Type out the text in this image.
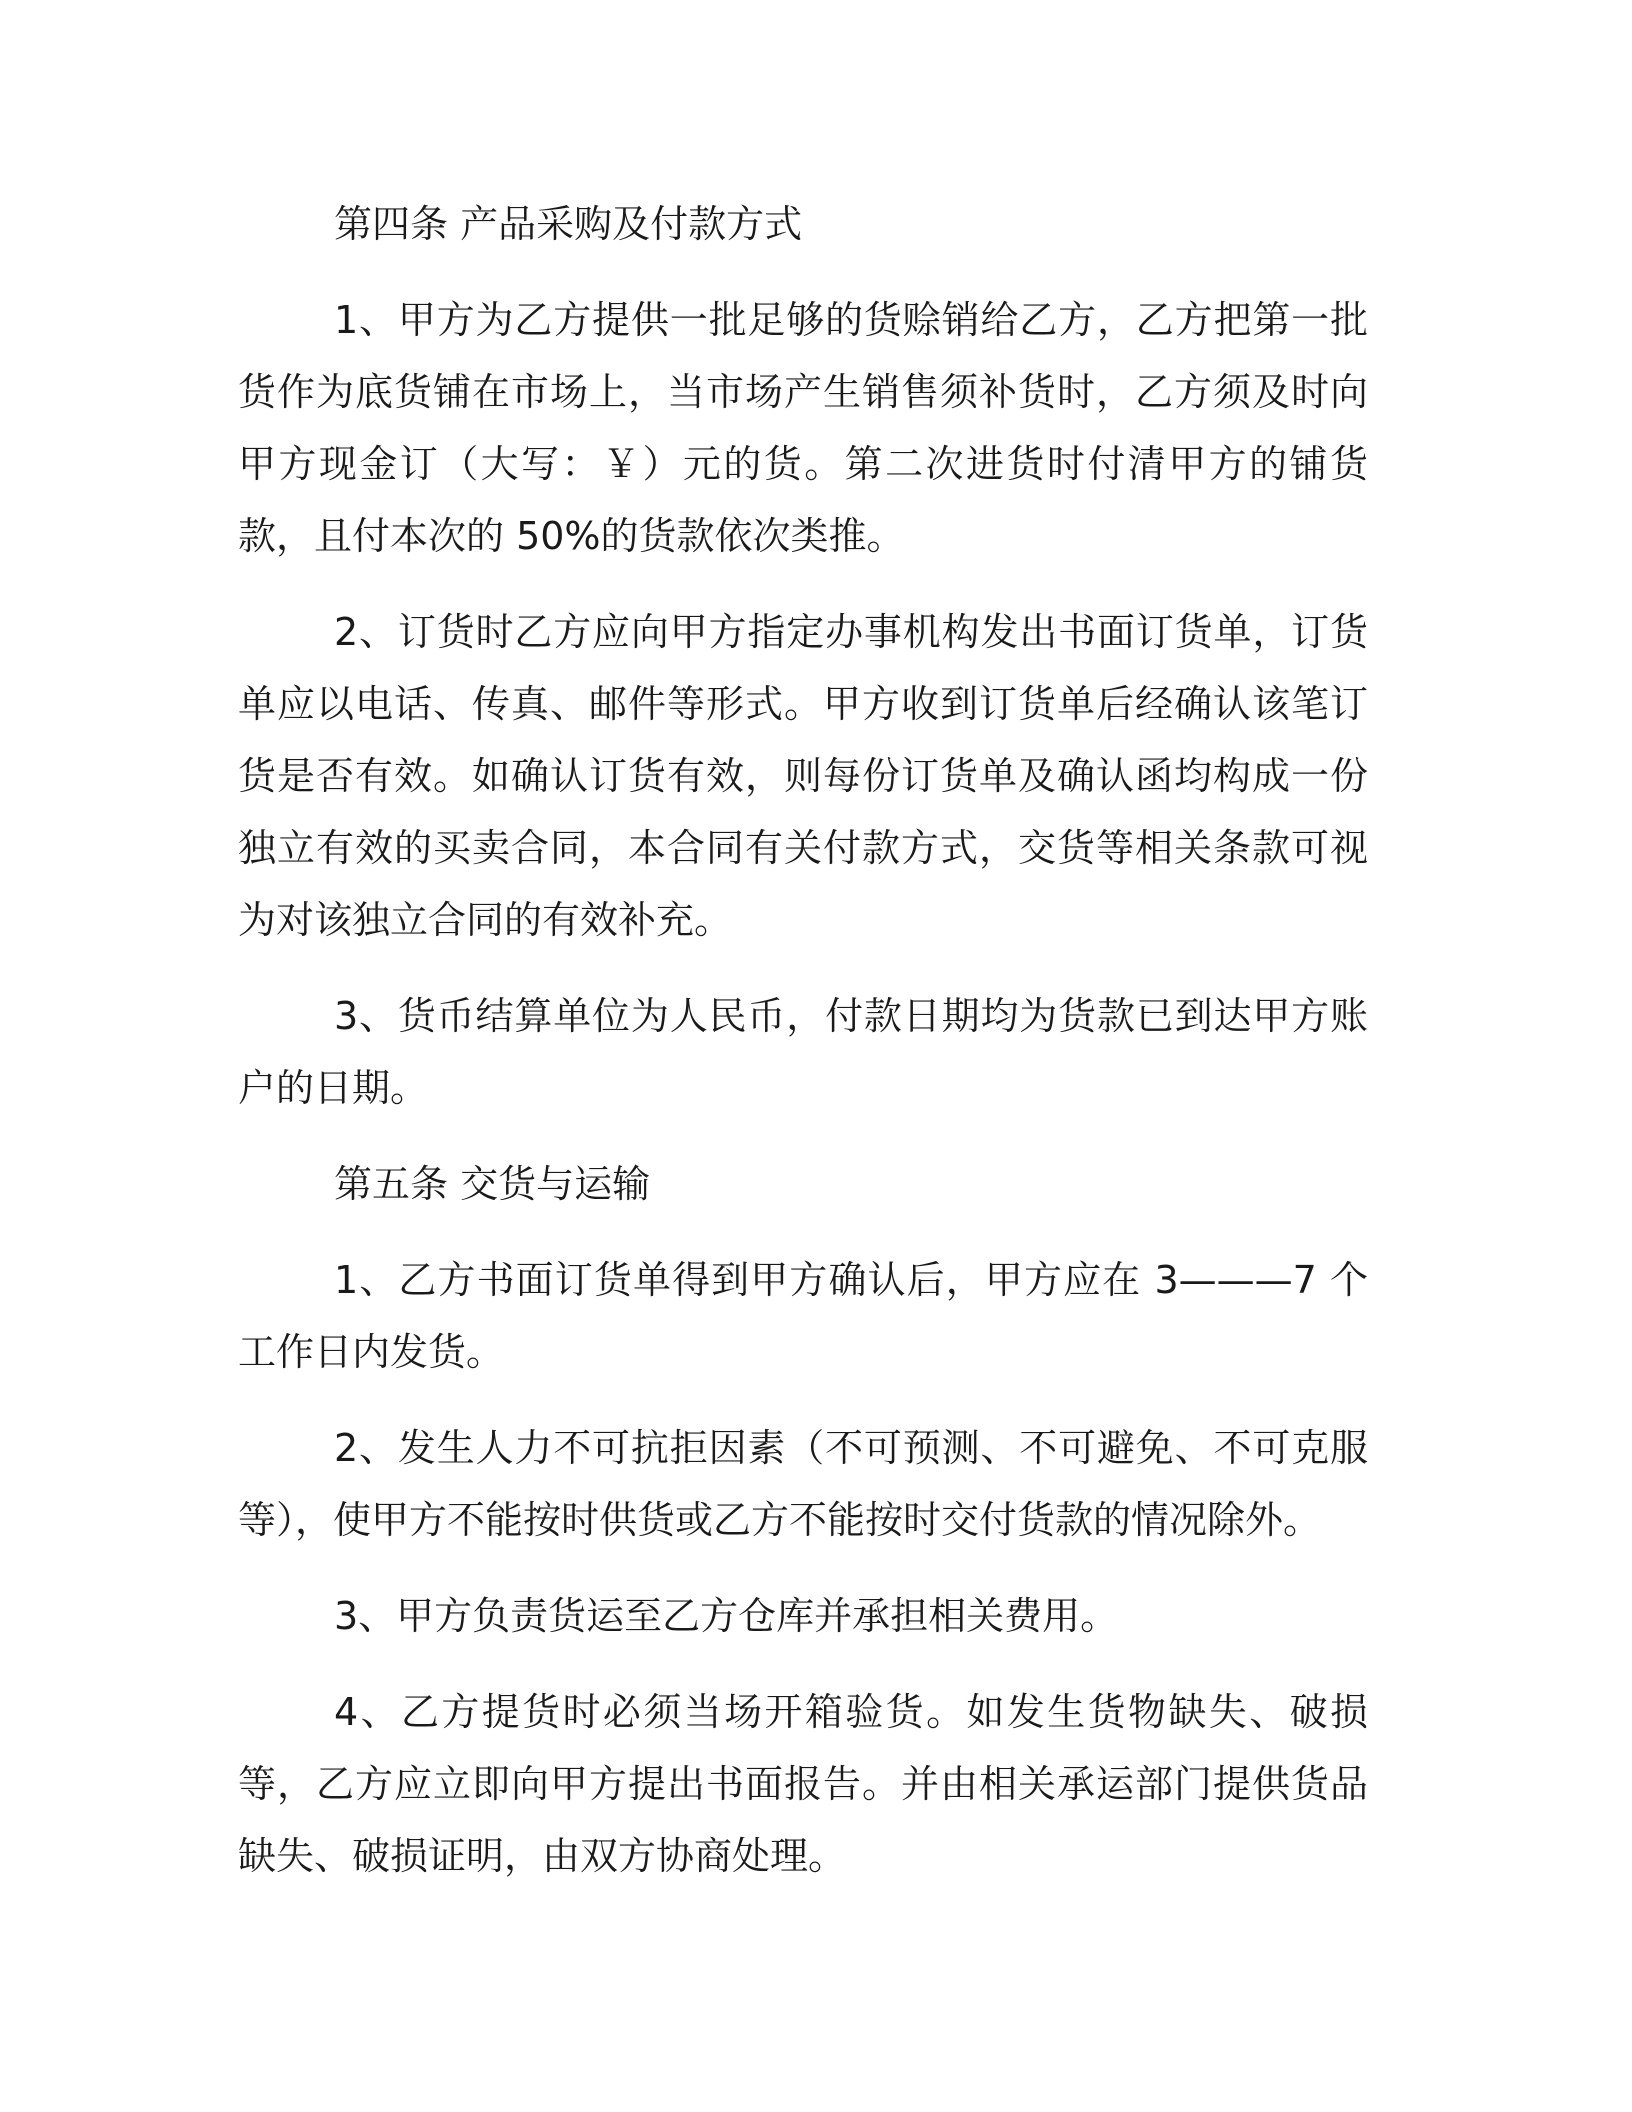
第四条 产品采购及付款方式
1、甲方为乙方提供一批足够的货赊销给乙方，乙方把第一批货作为底货铺在市场上，当市场产生销售须补货时，乙方须及时向甲方现金订（大写：￥）元的货。第二次进货时付清甲方的铺货款，且付本次的 50%的货款依次类推。
2、订货时乙方应向甲方指定办事机构发出书面订货单，订货单应以电话、传真、邮件等形式。甲方收到订货单后经确认该笔订货是否有效。如确认订货有效，则每份订货单及确认函均构成一份独立有效的买卖合同，本合同有关付款方式，交货等相关条款可视为对该独立合同的有效补充。
3、货币结算单位为人民币，付款日期均为货款已到达甲方账户的日期。
第五条 交货与运输
1、乙方书面订货单得到甲方确认后，甲方应在 3———7 个工作日内发货。
2、发生人力不可抗拒因素（不可预测、不可避免、不可克服等），使甲方不能按时供货或乙方不能按时交付货款的情况除外。
3、甲方负责货运至乙方仓库并承担相关费用。
4、乙方提货时必须当场开箱验货。如发生货物缺失、破损等，乙方应立即向甲方提出书面报告。并由相关承运部门提供货品缺失、破损证明，由双方协商处理。
